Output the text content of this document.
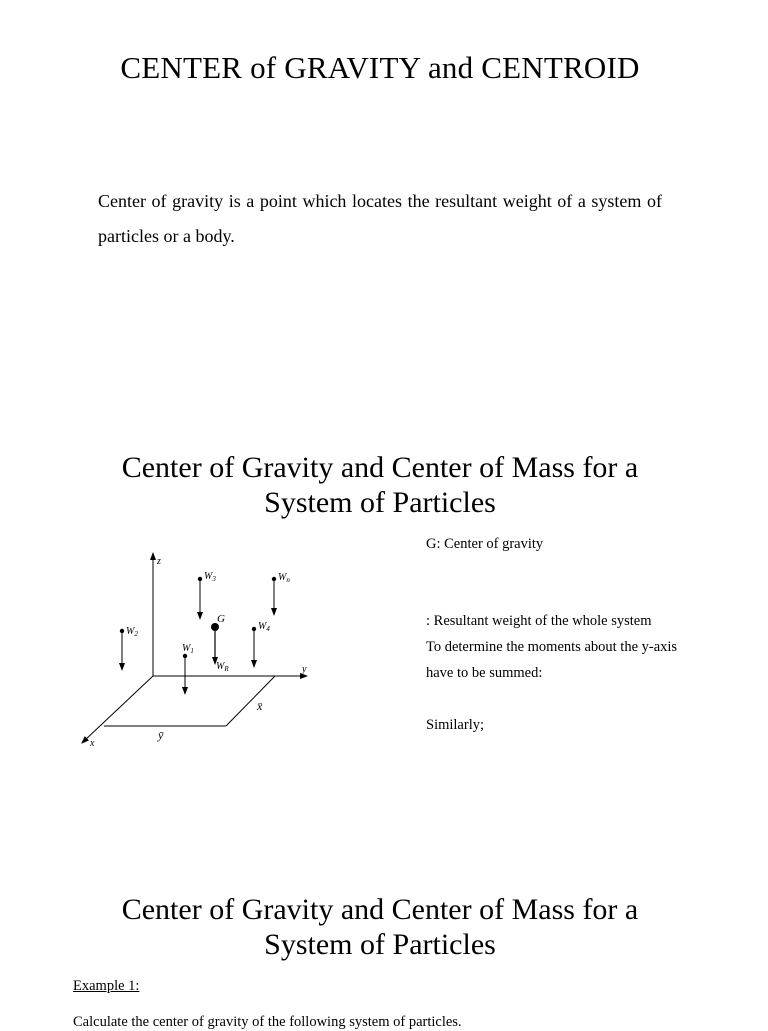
CENTER of GRAVITY and CENTROID
Center of gravity is a point which locates the resultant weight of a system of particles or a body.
Center of Gravity and Center of Mass for a
System of Particles
z
x
y
$W_3$	$W_n$
G
$W_R$
$W_4$
$W_2$
$W_1$
x̄
ȳ
G: Center of gravity
: Resultant weight of the whole system
To determine the moments about the y-axis
have to be summed:
Similarly;
Center of Gravity and Center of Mass for a
System of Particles
Example 1:
Calculate the center of gravity of the following system of particles.
